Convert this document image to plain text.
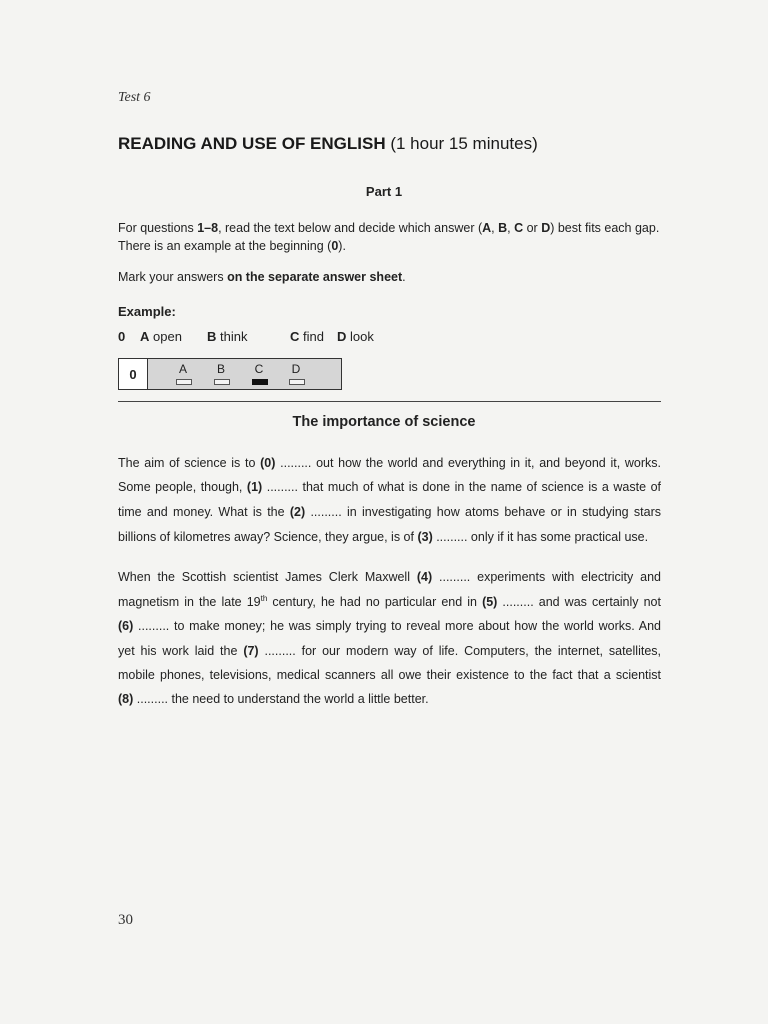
Test 6
READING AND USE OF ENGLISH (1 hour 15 minutes)
Part 1
For questions 1–8, read the text below and decide which answer (A, B, C or D) best fits each gap.
There is an example at the beginning (0).
Mark your answers on the separate answer sheet.
Example:
0 A open B think	C find D look
0	A	B	C	D
The importance of science
The aim of science is to (0) ......... out how the world and everything in it, and beyond it, works.
Some people, though, (1) ......... that much of what is done in the name of science is a waste of
time and money. What is the (2) ......... in investigating how atoms behave or in studying stars
billions of kilometres away? Science, they argue, is of (3) ......... only if it has some practical use.
When the Scottish scientist James Clerk Maxwell (4) ......... experiments with electricity and
magnetism in the late 19th century, he had no particular end in (5) ......... and was certainly not
(6) ......... to make money; he was simply trying to reveal more about how the world works. And
yet his work laid the (7) ......... for our modern way of life. Computers, the internet, satellites,
mobile phones, televisions, medical scanners all owe their existence to the fact that a scientist
(8) ......... the need to understand the world a little better.
30
